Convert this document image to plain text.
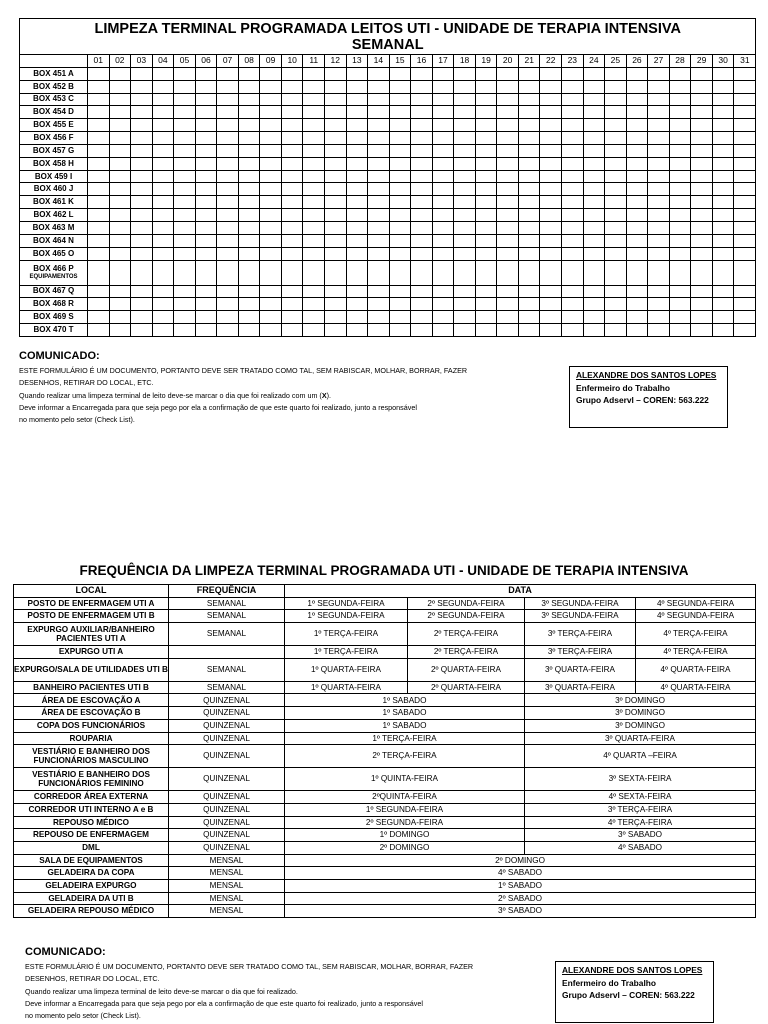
LIMPEZA TERMINAL PROGRAMADA LEITOS UTI - UNIDADE DE TERAPIA INTENSIVA
SEMANAL																															
	01	02	03	04	05	06	07	08	09	10	11	12	13	14	15	16	17	18	19	20	21	22	23	24	25	26	27	28	29	30	31
BOX 451 A																															
BOX 452 B																															
BOX 453 C																															
BOX 454 D																															
BOX 455 E																															
BOX 456 F																															
BOX 457 G																															
BOX 458 H																															
BOX 459 I																															
BOX 460 J																															
BOX 461 K																															
BOX 462 L																															
BOX 463 M																															
BOX 464 N																															
BOX 465 O																															
BOX 466 P
EQUIPAMENTOS																															

BOX 467 Q																															
BOX 468 R																															
BOX 469 S																															
BOX 470 T																															
COMUNICADO:
ESTE FORMULÁRIO É UM DOCUMENTO, PORTANTO DEVE SER TRATADO COMO TAL, SEM RABISCAR, MOLHAR, BORRAR, FAZER
DESENHOS, RETIRAR DO LOCAL, ETC.
Quando realizar uma limpeza terminal de leito deve-se marcar o dia que foi realizado com um (X).
Deve informar a Encarregada para que seja pego por ela a confirmação de que este quarto foi realizado, junto a responsável
no momento pelo setor (Check List).
ALEXANDRE DOS SANTOS LOPES
Enfermeiro do Trabalho
Grupo Adservl – COREN: 563.222
FREQUÊNCIA DA LIMPEZA TERMINAL PROGRAMADA UTI - UNIDADE DE TERAPIA INTENSIVA
LOCAL	FREQUÊNCIA	DATA			
POSTO DE ENFERMAGEM UTI A	SEMANAL	1º SEGUNDA-FEIRA	2º SEGUNDA-FEIRA	3º SEGUNDA-FEIRA	4º SEGUNDA-FEIRA
POSTO DE ENFERMAGEM UTI B	SEMANAL	1º SEGUNDA-FEIRA	2º SEGUNDA-FEIRA	3º SEGUNDA-FEIRA	4º SEGUNDA-FEIRA
EXPURGO AUXILIAR/BANHEIRO PACIENTES UTI A	SEMANAL	1º TERÇA-FEIRA	2º TERÇA-FEIRA	3º TERÇA-FEIRA	4º TERÇA-FEIRA
EXPURGO UTI A		1º TERÇA-FEIRA	2º TERÇA-FEIRA	3º TERÇA-FEIRA	4º TERÇA-FEIRA
EXPURGO/SALA DE UTILIDADES UTI B	SEMANAL	1º QUARTA-FEIRA	2º QUARTA-FEIRA	3º QUARTA-FEIRA	4º QUARTA-FEIRA
BANHEIRO PACIENTES UTI B	SEMANAL	1º QUARTA-FEIRA	2º QUARTA-FEIRA	3º QUARTA-FEIRA	4º QUARTA-FEIRA
ÁREA DE ESCOVAÇÃO A	QUINZENAL	1º SABADO		3º DOMINGO	
ÁREA DE ESCOVAÇÃO B	QUINZENAL	1º SABADO		3º DOMINGO	
COPA DOS FUNCIONÁRIOS	QUINZENAL	1º SABADO		3º DOMINGO	
ROUPARIA	QUINZENAL	1º TERÇA-FEIRA		3º QUARTA-FEIRA	
VESTIÁRIO E BANHEIRO DOS FUNCIONÁRIOS MASCULINO	QUINZENAL	2º TERÇA-FEIRA		4º QUARTA –FEIRA	
VESTIÁRIO E BANHEIRO DOS FUNCIONÁRIOS FEMININO	QUINZENAL	1º QUINTA-FEIRA		3º SEXTA-FEIRA	
CORREDOR ÁREA EXTERNA	QUINZENAL	2ºQUINTA-FEIRA		4º SEXTA-FEIRA	
CORREDOR UTI INTERNO A e B	QUINZENAL	1º SEGUNDA-FEIRA		3º TERÇA-FEIRA	
REPOUSO MÉDICO	QUINZENAL	2º SEGUNDA-FEIRA		4º TERÇA-FEIRA	
REPOUSO DE ENFERMAGEM	QUINZENAL	1º DOMINGO		3º SABADO	
DML	QUINZENAL	2º DOMINGO		4º SABADO	
SALA DE EQUIPAMENTOS	MENSAL	2º DOMINGO			
GELADEIRA DA COPA	MENSAL	4º SABADO			
GELADEIRA EXPURGO	MENSAL	1º SABADO			
GELADEIRA DA UTI B	MENSAL	2º SABADO			
GELADEIRA REPOUSO MÉDICO	MENSAL	3º SABADO			
COMUNICADO:
ESTE FORMULÁRIO É UM DOCUMENTO, PORTANTO DEVE SER TRATADO COMO TAL, SEM RABISCAR, MOLHAR, BORRAR, FAZER
DESENHOS, RETIRAR DO LOCAL, ETC.
Quando realizar uma limpeza terminal de leito deve-se marcar o dia que foi realizado.
Deve informar a Encarregada para que seja pego por ela a confirmação de que este quarto foi realizado, junto a responsável
no momento pelo setor (Check List).
ALEXANDRE DOS SANTOS LOPES
Enfermeiro do Trabalho
Grupo Adservl – COREN: 563.222
